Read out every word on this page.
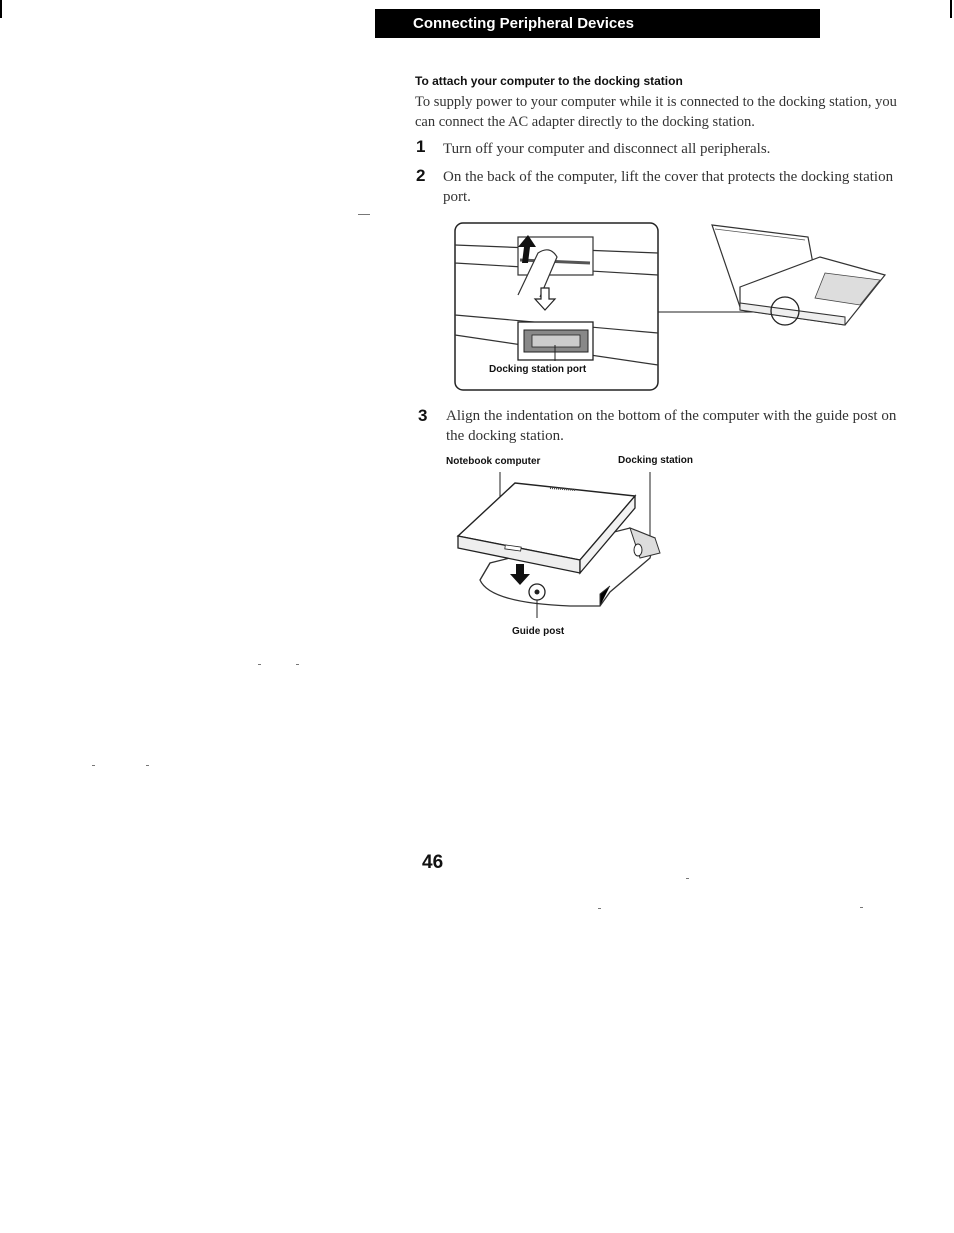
Connecting Peripheral Devices
To attach your computer to the docking station
To supply power to your computer while it is connected to the docking station, you can connect the AC adapter directly to the docking station.
1 Turn off your computer and disconnect all peripherals.
2 On the back of the computer, lift the cover that protects the docking station port.
Docking station port
3 Align the indentation on the bottom of the computer with the guide post on the docking station.
Notebook computer	Docking station
Guide post
46
